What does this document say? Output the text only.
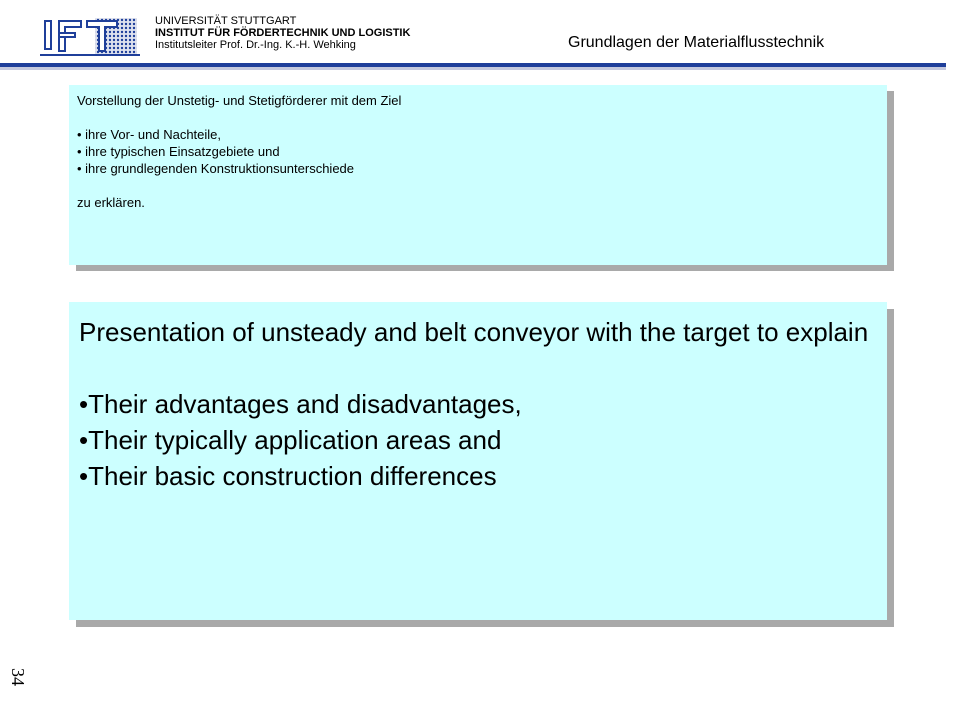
UNIVERSITÄT STUTTGART
INSTITUT FÜR FÖRDERTECHNIK UND LOGISTIK
Institutsleiter Prof. Dr.-Ing. K.-H. Wehking	Grundlagen der Materialflusstechnik

Vorstellung der Unstetig- und Stetigförderer mit dem Ziel

• ihre Vor- und Nachteile,
• ihre typischen Einsatzgebiete und
• ihre grundlegenden Konstruktionsunterschiede

zu erklären.

Presentation of unsteady and belt conveyor with the target to explain

•Their advantages and disadvantages,
•Their typically application areas and
•Their basic construction differences
34
